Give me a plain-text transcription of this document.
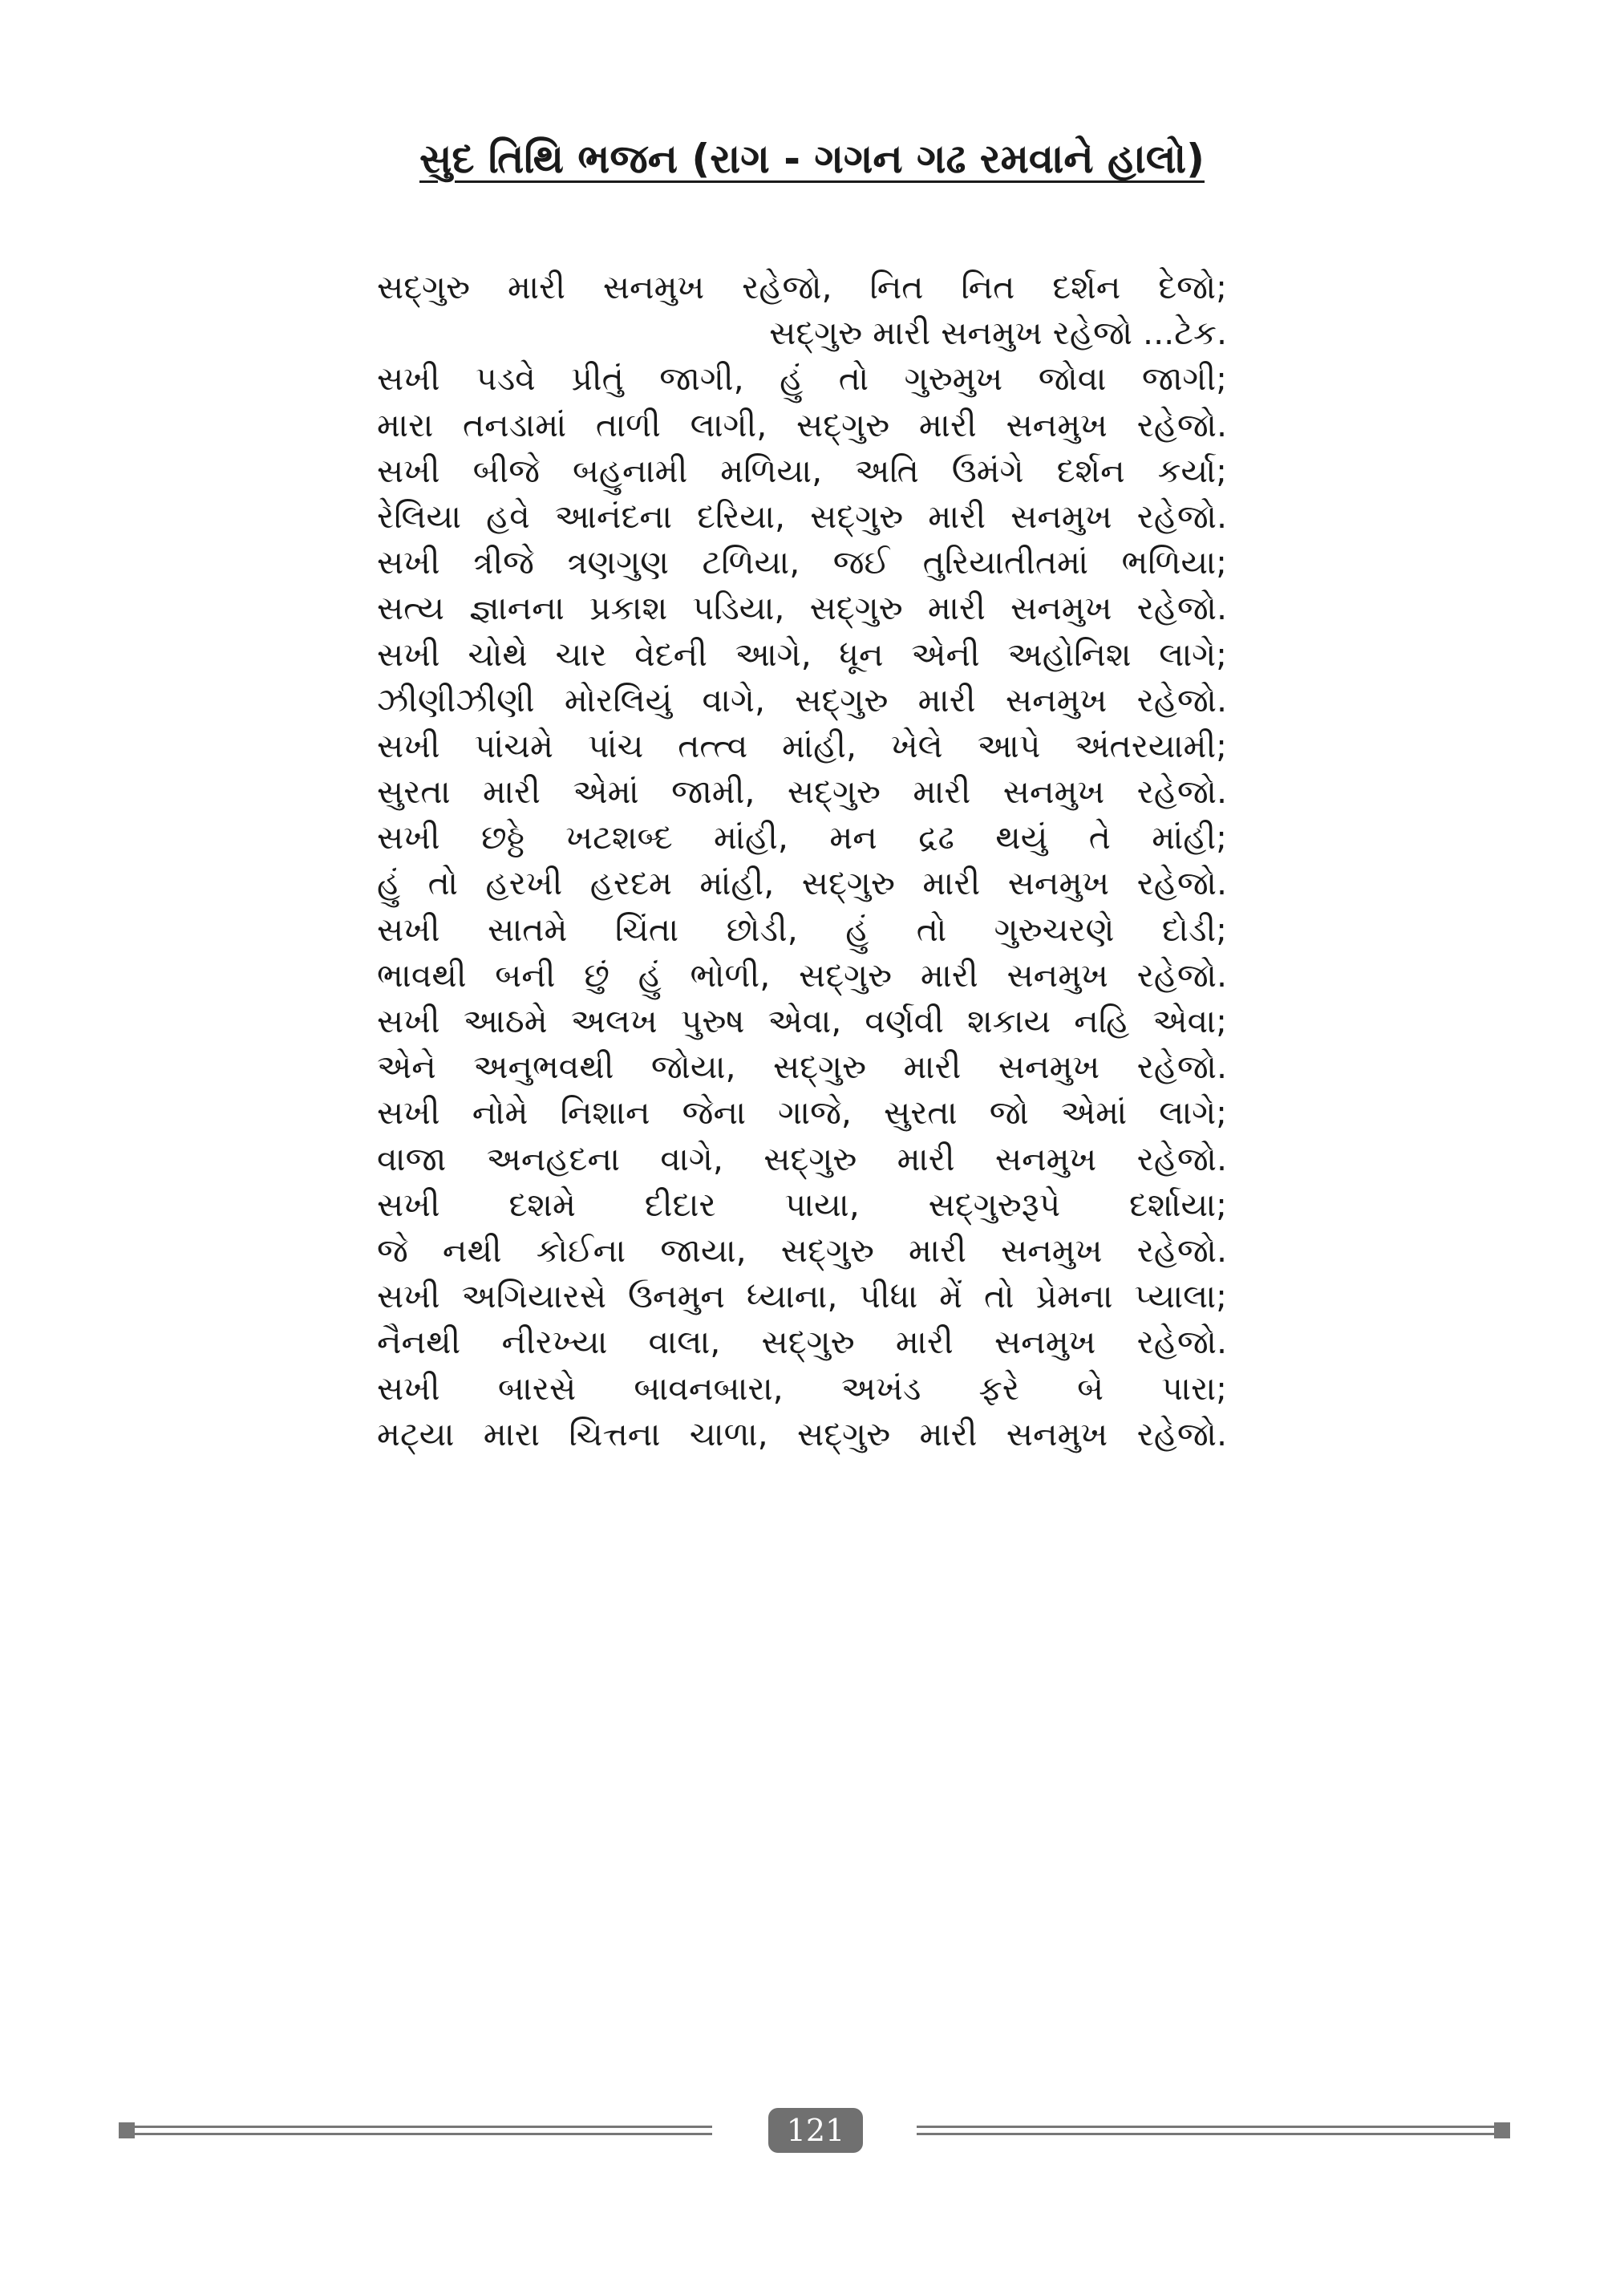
સુદ તિથિ ભજન (રાગ - ગગન ગઢ રમવાને હાલો)
સદ્‌ગુરુ મારી સનમુખ રહેજો, નિત નિત દર્શન દેજો;
સદ્‌ગુરુ મારી સનમુખ રહેજો ...ટેક.
સખી પડવે પ્રીતું જાગી, હું તો ગુરુમુખ જોવા જાગી;
મારા તનડામાં તાળી લાગી, સદ્‌ગુરુ મારી સનમુખ રહેજો.
સખી બીજે બહુનામી મળિયા, અતિ ઉમંગે દર્શન કર્યા;
રેલિયા હવે આનંદના દરિયા, સદ્‌ગુરુ મારી સનમુખ રહેજો.
સખી ત્રીજે ત્રણગુણ ટળિયા, જઈ તુરિયાતીતમાં ભળિયા;
સત્ય જ્ઞાનના પ્રકાશ પડિયા, સદ્‌ગુરુ મારી સનમુખ રહેજો.
સખી ચોથે ચાર વેદની આગે, ધૂન એની અહોનિશ લાગે;
ઝીણીઝીણી મોરલિયું વાગે, સદ્‌ગુરુ મારી સનમુખ રહેજો.
સખી પાંચમે પાંચ તત્ત્વ માંહી, ખેલે આપે અંતરયામી;
સુરતા મારી એમાં જામી, સદ્‌ગુરુ મારી સનમુખ રહેજો.
સખી છઠ્ઠે ખટશબ્દ માંહી, મન દ્રઢ થયું તે માંહી;
હું તો હરખી હરદમ માંહી, સદ્‌ગુરુ મારી સનમુખ રહેજો.
સખી સાતમે ચિંતા છોડી, હું તો ગુરુચરણે દોડી;
ભાવથી બની છું હું ભોળી, સદ્‌ગુરુ મારી સનમુખ રહેજો.
સખી આઠમે અલખ પુરુષ એવા, વર્ણવી શકાય નહિ એવા;
એને અનુભવથી જોયા, સદ્‌ગુરુ મારી સનમુખ રહેજો.
સખી નોમે નિશાન જેના ગાજે, સુરતા જો એમાં લાગે;
વાજા અનહદના વાગે, સદ્‌ગુરુ મારી સનમુખ રહેજો.
સખી દશમે દીદાર પાયા, સદ્‌ગુરુરૂપે દર્શાયા;
જે નથી કોઈના જાયા, સદ્‌ગુરુ મારી સનમુખ રહેજો.
સખી અગિયારસે ઉનમુન ધ્યાના, પીધા મેં તો પ્રેમના પ્યાલા;
નૈનથી નીરખ્યા વાલા, સદ્‌ગુરુ મારી સનમુખ રહેજો.
સખી બારસે બાવનબારા, અખંડ ફરે બે પારા;
મટ્યા મારા ચિત્તના ચાળા, સદ્‌ગુરુ મારી સનમુખ રહેજો.
121
